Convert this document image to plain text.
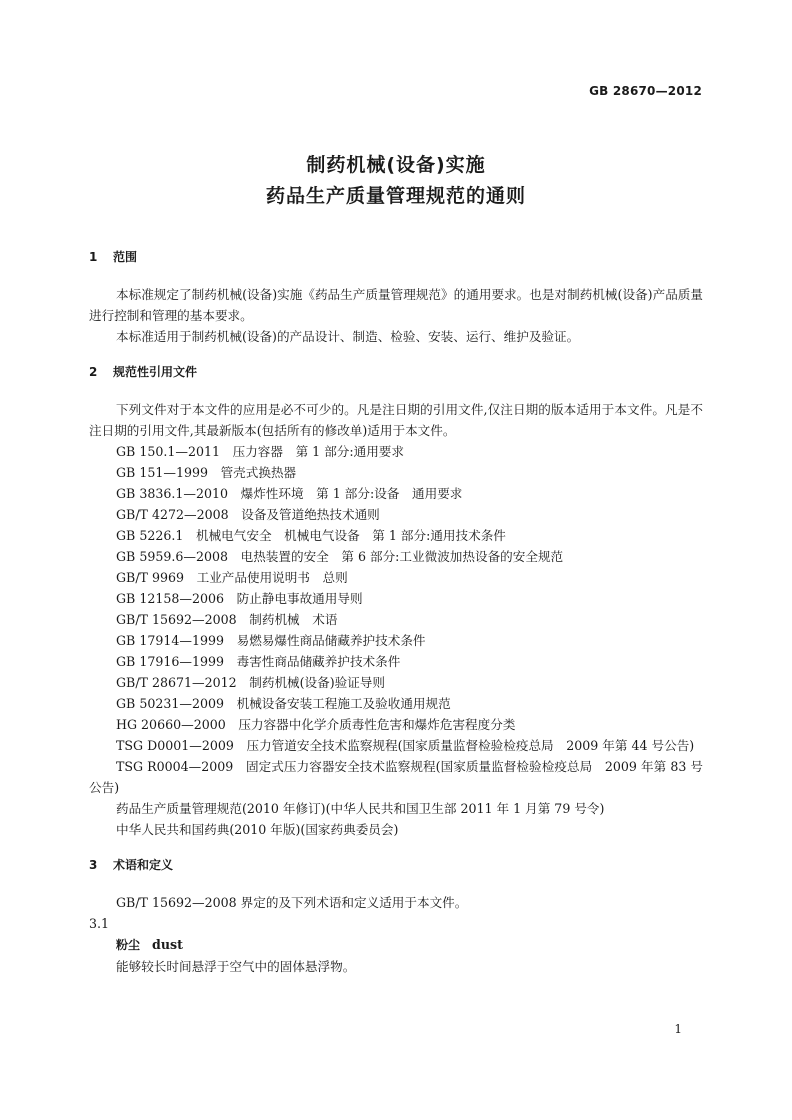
GB 28670—2012
制药机械(设备)实施
药品生产质量管理规范的通则

1 范围

本标准规定了制药机械(设备)实施《药品生产质量管理规范》的通用要求。也是对制药机械(设备)产品质量进行控制和管理的基本要求。

本标准适用于制药机械(设备)的产品设计、制造、检验、安装、运行、维护及验证。

2 规范性引用文件

下列文件对于本文件的应用是必不可少的。凡是注日期的引用文件,仅注日期的版本适用于本文件。凡是不注日期的引用文件,其最新版本(包括所有的修改单)适用于本文件。

GB 150.1—2011　压力容器　第 1 部分:通用要求

GB 151—1999　管壳式换热器

GB 3836.1—2010　爆炸性环境　第 1 部分:设备　通用要求

GB/T 4272—2008　设备及管道绝热技术通则

GB 5226.1　机械电气安全　机械电气设备　第 1 部分:通用技术条件

GB 5959.6—2008　电热装置的安全　第 6 部分:工业微波加热设备的安全规范

GB/T 9969　工业产品使用说明书　总则

GB 12158—2006　防止静电事故通用导则

GB/T 15692—2008　制药机械　术语

GB 17914—1999　易燃易爆性商品储藏养护技术条件

GB 17916—1999　毒害性商品储藏养护技术条件

GB/T 28671—2012　制药机械(设备)验证导则

GB 50231—2009　机械设备安装工程施工及验收通用规范

HG 20660—2000　压力容器中化学介质毒性危害和爆炸危害程度分类

TSG D0001—2009　压力管道安全技术监察规程(国家质量监督检验检疫总局　2009 年第 44 号公告)

TSG R0004—2009　固定式压力容器安全技术监察规程(国家质量监督检验检疫总局　2009 年第 83 号公告)

药品生产质量管理规范(2010 年修订)(中华人民共和国卫生部 2011 年 1 月第 79 号令)

中华人民共和国药典(2010 年版)(国家药典委员会)

3 术语和定义

GB/T 15692—2008 界定的及下列术语和定义适用于本文件。

3.1

粉尘 dust

能够较长时间悬浮于空气中的固体悬浮物。

1
